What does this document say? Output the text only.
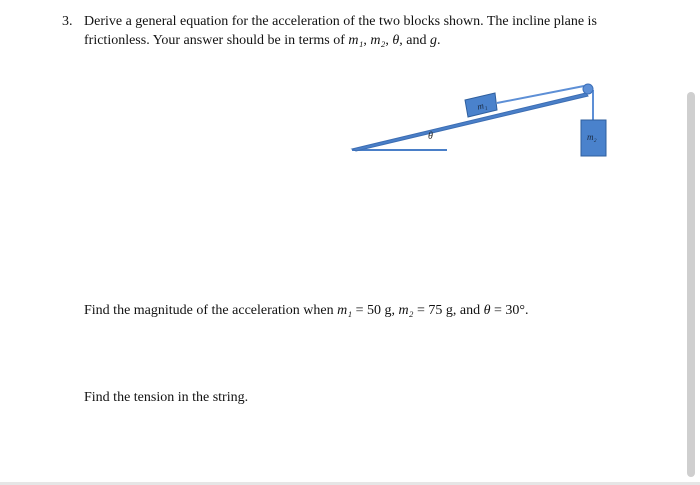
3. Derive a general equation for the acceleration of the two blocks shown. The incline plane is
frictionless. Your answer should be in terms of m₁, m₂, θ, and g.
m₁
m₂
θ
Find the magnitude of the acceleration when m₁ = 50 g, m₂ = 75 g, and θ = 30°.
Find the tension in the string.
